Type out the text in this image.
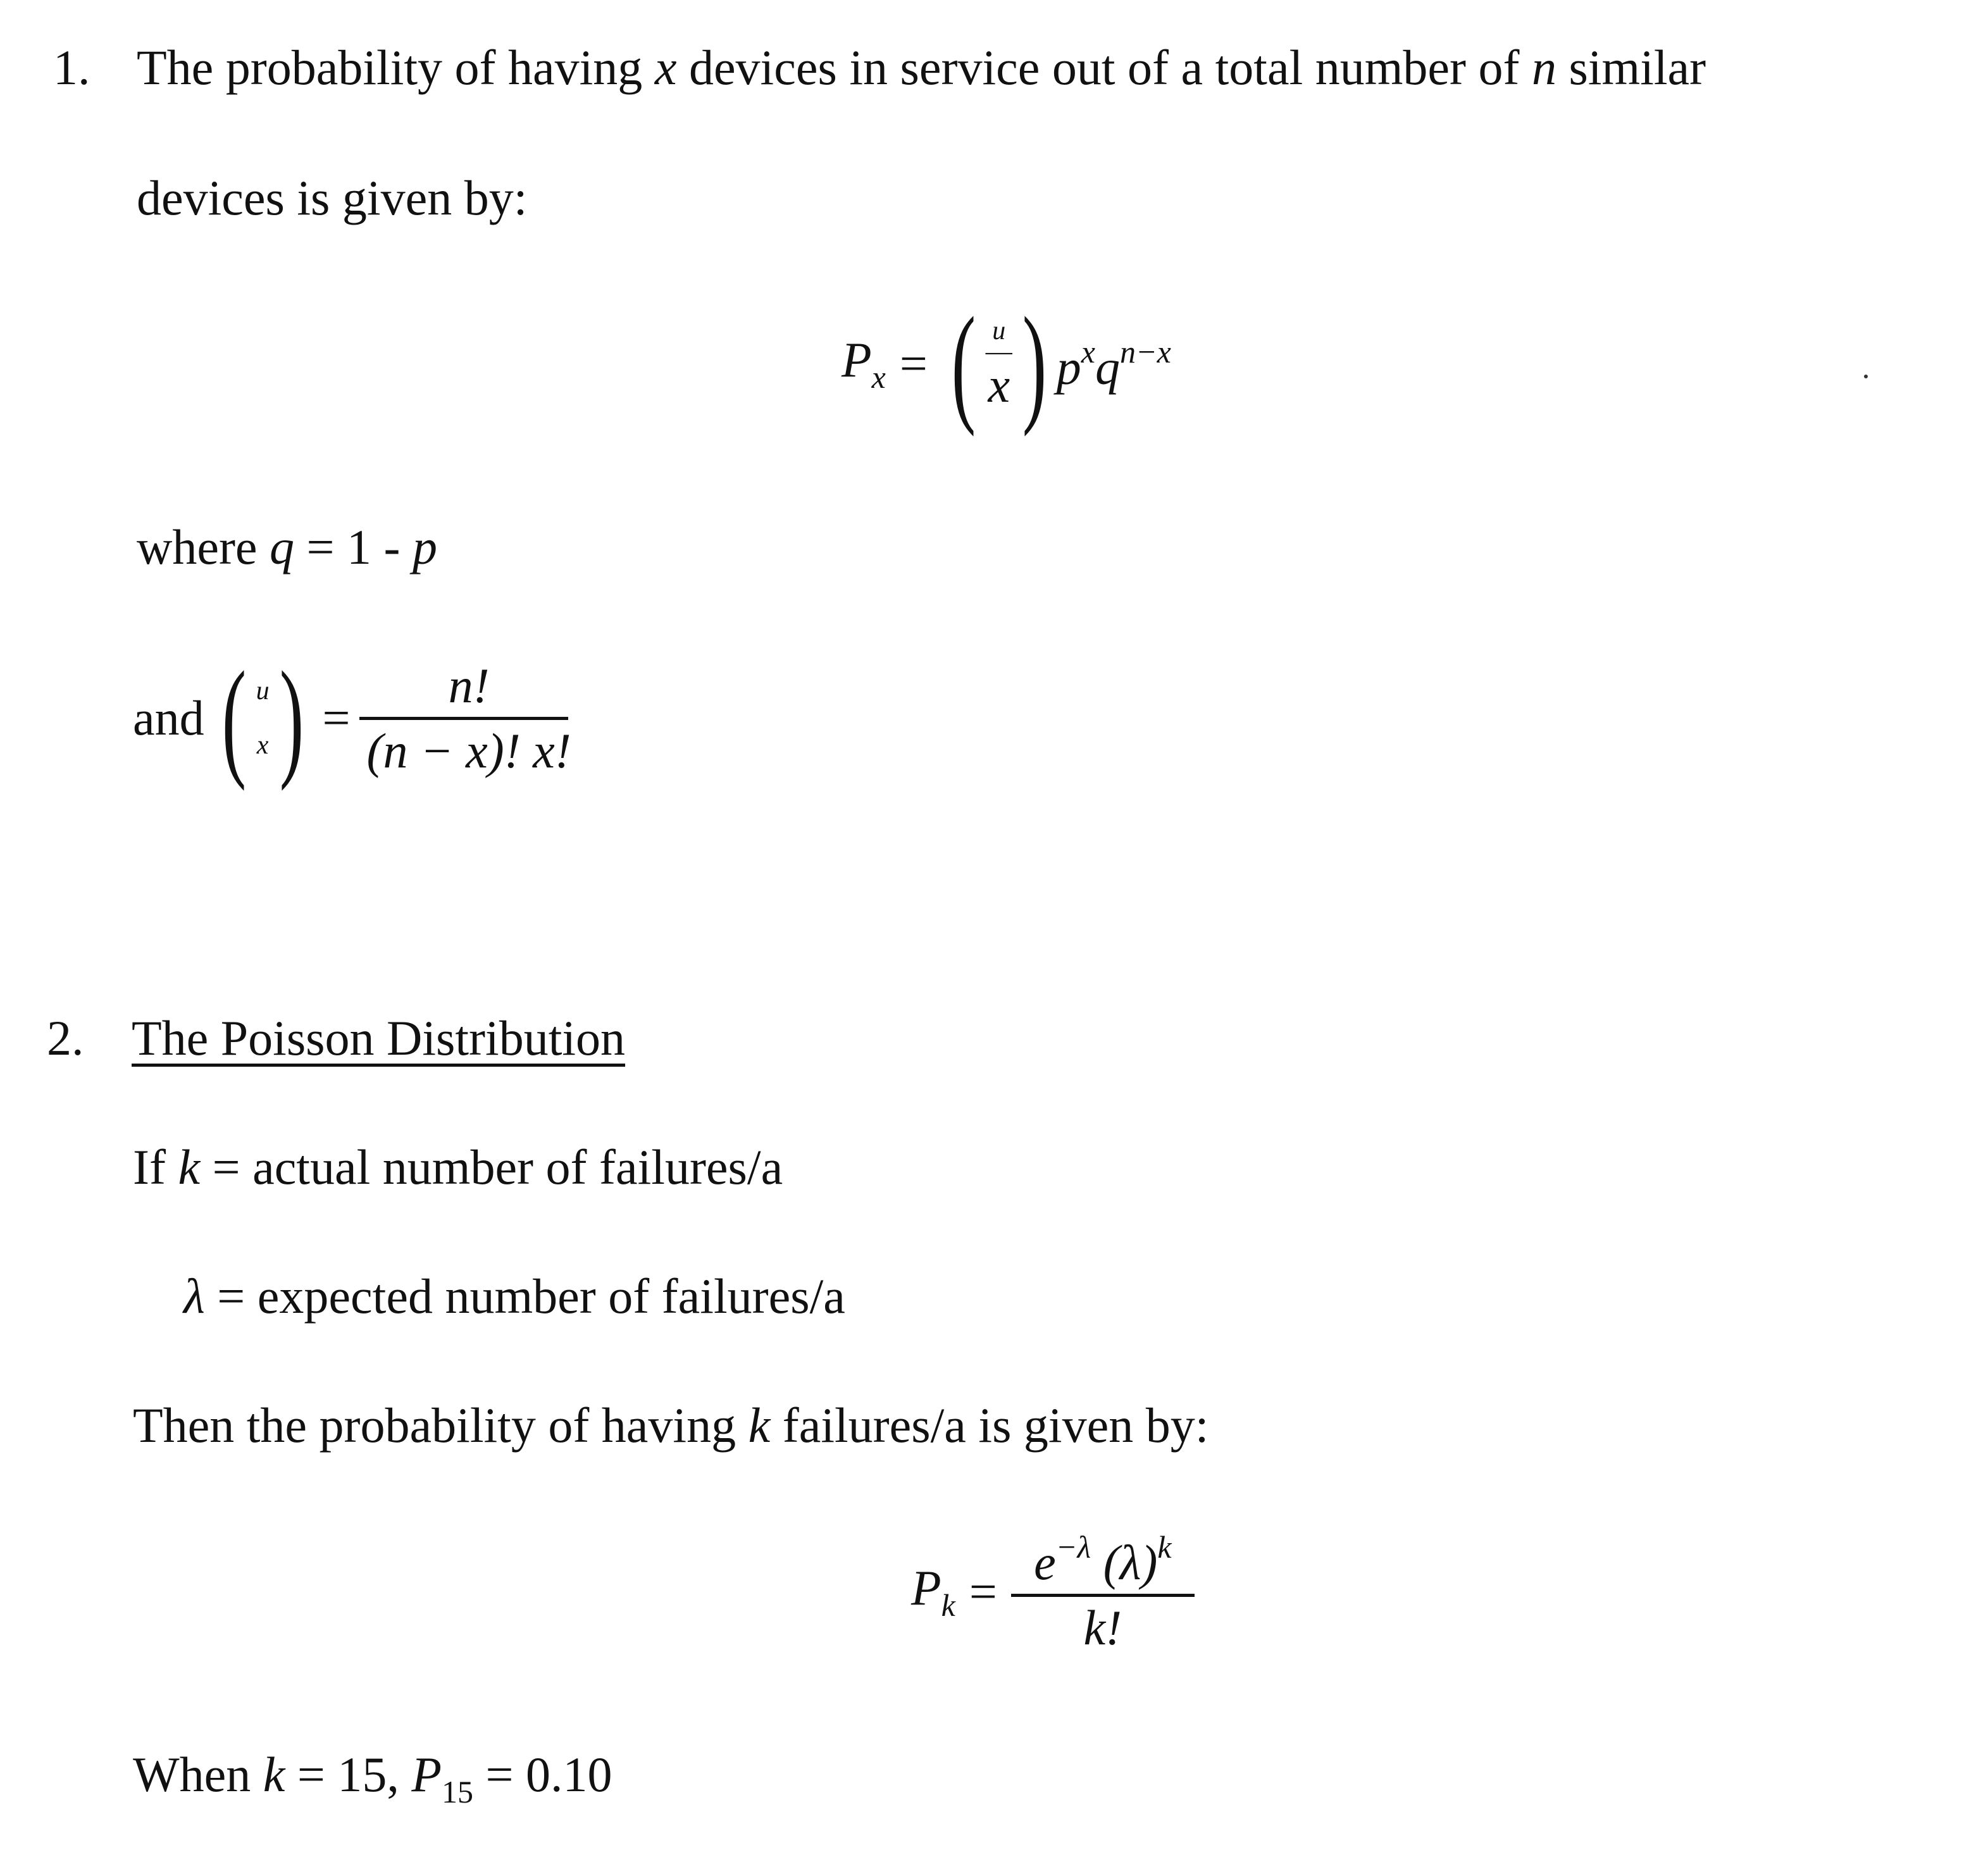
1. The probability of having x devices in service out of a total number of n similar
devices is given by:
$P_x$ = ( u
—
x ) $p^x$ $q^{n-x}$
where q = 1 - p
and ( u
x ) =
n!
(n − x)! x!
2. The Poisson Distribution
If k = actual number of failures/a
λ = expected number of failures/a
Then the probability of having k failures/a is given by:
$P_k$ =
$e^{-\lambda}$ $(\lambda)^k$
k!
When k = 15, $P_{15} = 0.10$
